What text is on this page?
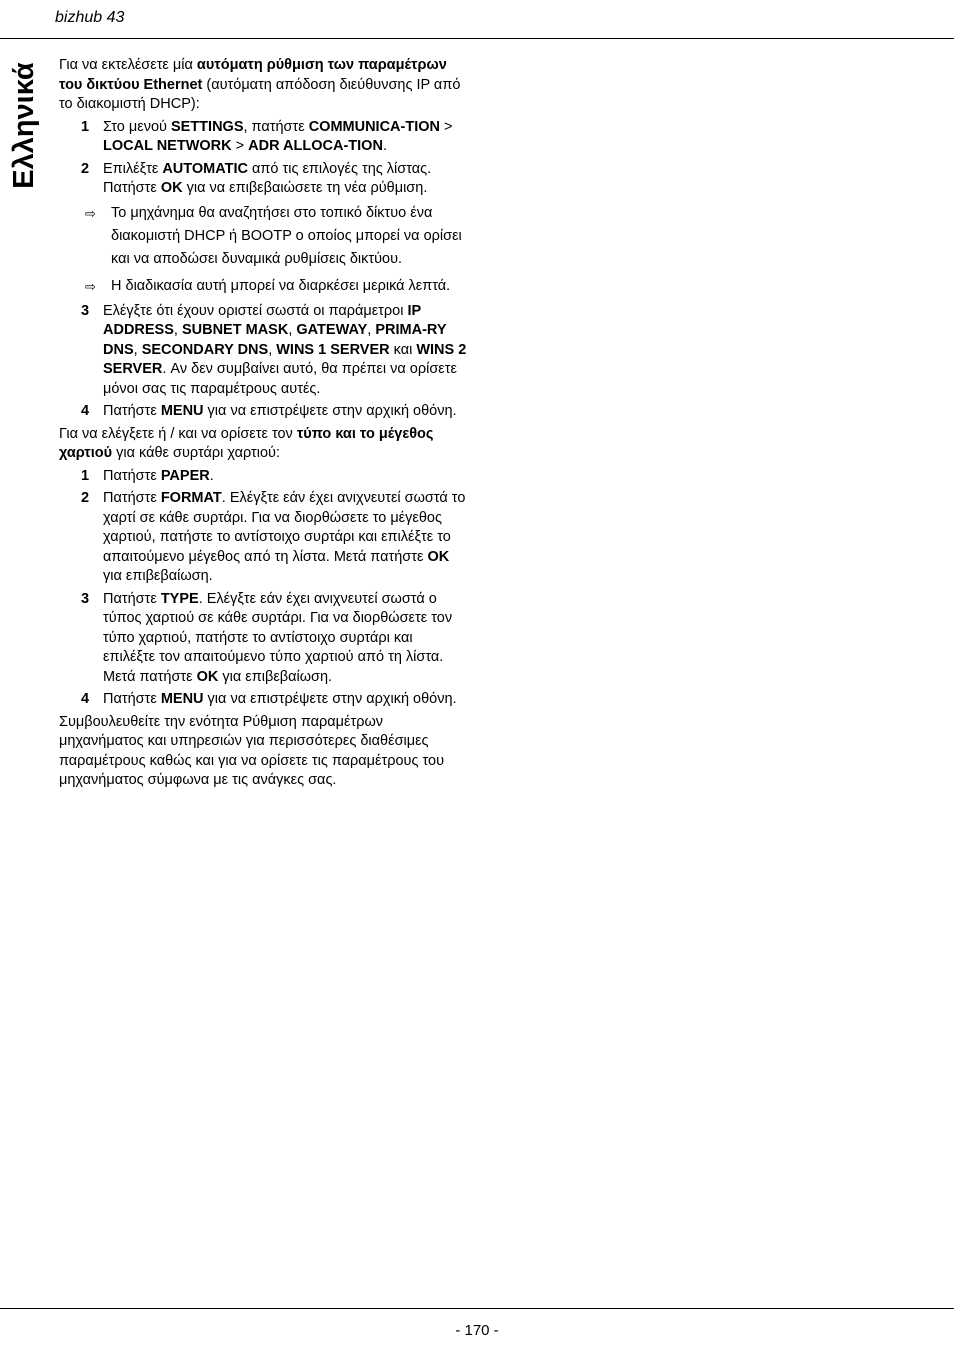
bizhub 43
Ελληνικά Για να εκτελέσετε μία αυτόματη ρύθμιση των παραμέτρων του δικτύου Ethernet (αυτόματη απόδοση διεύθυνσης IP από το διακομιστή DHCP):

1 Στο μενού SETTINGS, πατήστε COMMUNICA-TION > LOCAL NETWORK > ADR ALLOCA-TION.
2 Επιλέξτε AUTOMATIC από τις επιλογές της λίστας. Πατήστε OK για να επιβεβαιώσετε τη νέα ρύθμιση.
⇨	Το μηχάνημα θα αναζητήσει στο τοπικό δίκτυο ένα διακομιστή DHCP ή BOOTP ο οποίος μπορεί να ορίσει και να αποδώσει δυναμικά ρυθμίσεις δικτύου.
⇨	Η διαδικασία αυτή μπορεί να διαρκέσει μερικά λεπτά.
3 Ελέγξτε ότι έχουν οριστεί σωστά οι παράμετροι IP ADDRESS, SUBNET MASK, GATEWAY, PRIMA-RY DNS, SECONDARY DNS, WINS 1 SERVER και WINS 2 SERVER. Αν δεν συμβαίνει αυτό, θα πρέπει να ορίσετε μόνοι σας τις παραμέτρους αυτές.
4 Πατήστε MENU για να επιστρέψετε στην αρχική οθόνη.

Για να ελέγξετε ή / και να ορίσετε τον τύπο και το μέγεθος χαρτιού για κάθε συρτάρι χαρτιού:

1 Πατήστε PAPER.
2 Πατήστε FORMAT. Ελέγξτε εάν έχει ανιχνευτεί σωστά το χαρτί σε κάθε συρτάρι. Για να διορθώσετε το μέγεθος χαρτιού, πατήστε το αντίστοιχο συρτάρι και επιλέξτε το απαιτούμενο μέγεθος από τη λίστα. Μετά πατήστε OK για επιβεβαίωση.
3 Πατήστε TYPE. Ελέγξτε εάν έχει ανιχνευτεί σωστά ο τύπος χαρτιού σε κάθε συρτάρι. Για να διορθώσετε τον τύπο χαρτιού, πατήστε το αντίστοιχο συρτάρι και επιλέξτε τον απαιτούμενο τύπο χαρτιού από τη λίστα. Μετά πατήστε OK για επιβεβαίωση.
4 Πατήστε MENU για να επιστρέψετε στην αρχική οθόνη.

Συμβουλευθείτε την ενότητα Ρύθμιση παραμέτρων μηχανήματος και υπηρεσιών για περισσότερες διαθέσιμες παραμέτρους καθώς και για να ορίσετε τις παραμέτρους του μηχανήματος σύμφωνα με τις ανάγκες σας.

- 170 -
